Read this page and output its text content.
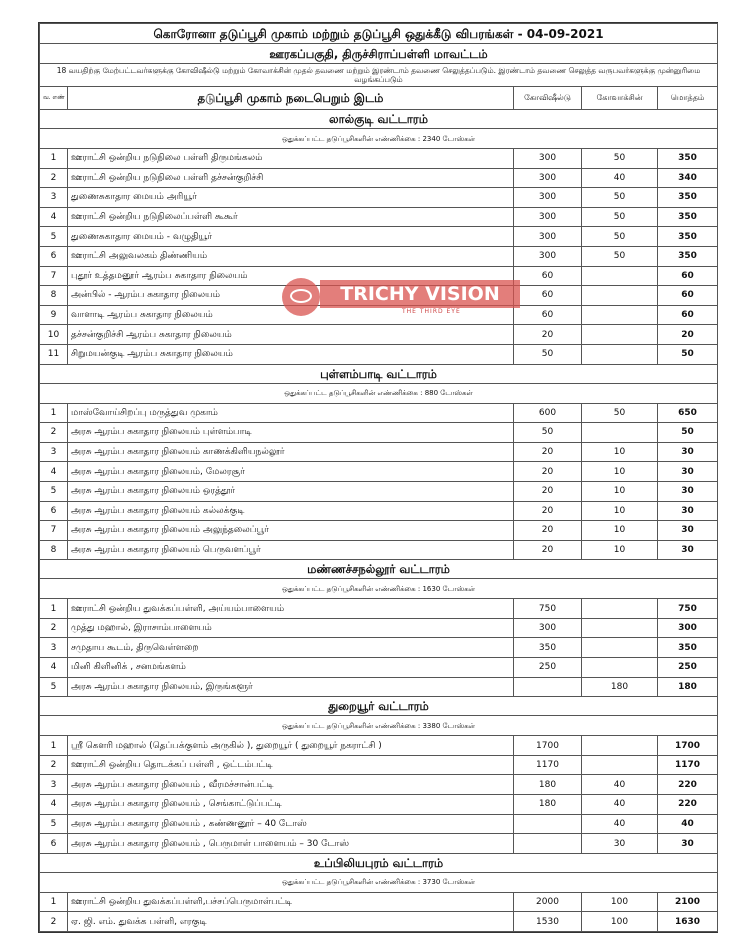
கொரோனா தடுப்பூசி முகாம் மற்றும் தடுப்பூசி ஒதுக்கீடு விபரங்கள் - 04-09-2021				
ஊரகப்பகுதி, திருச்சிராப்பள்ளி மாவட்டம்				
18 வயதிற்கு மேற்பட்டவர்களுக்கு கோவிஷீல்டு மற்றும் கோவாக்சின் முதல் தவணை மற்றும் இரண்டாம் தவணை செலுத்தப்படும். இரண்டாம் தவணை செலுத்த வருபவர்களுக்கு முன்னுரிமை வழங்கப்படும்				
வ. எண்	தடுப்பூசி முகாம் நடைபெறும் இடம்	கோவிஷீல்டு	கோவாக்சின்	மொத்தம்
லால்குடி வட்டாரம்				
ஒதுக்கப்பட்ட தடுப்பூசிகளின் எண்ணிக்கை : 2340 டோஸ்கள்				
1	ஊராட்சி ஒன்றிய நடுநிலை பள்ளி திருமங்கலம்	300	50	350
2	ஊராட்சி ஒன்றிய நடுநிலை பள்ளி தச்சன்குறிச்சி	300	40	340
3	துணைசுகாதார மையம் அரியூர்	300	50	350
4	ஊராட்சி ஒன்றிய நடுநிலைப்பள்ளி கூகூர்	300	50	350
5	துணைசுகாதார மையம் - வழுதியூர்	300	50	350
6	ஊராட்சி அலுவலகம் திண்ணியம்	300	50	350
7	புதூர் உத்தமனூர் ஆரம்ப சுகாதார நிலையம்	60		60
8	அன்பில் - ஆரம்ப சுகாதார நிலையம்	60		60
9	வாளாடி ஆரம்ப சுகாதார நிலையம்	60		60
10	தச்சன்குறிச்சி ஆரம்ப சுகாதார நிலையம்	20		20
11	சிறுமயன்குடி ஆரம்ப சுகாதார நிலையம்	50		50
புள்ளம்பாடி வட்டாரம்				
ஒதுக்கப்பட்ட தடுப்பூசிகளின் எண்ணிக்கை : 880 டோஸ்கள்				
1	மாஸ்வோய்சிறப்பு மருத்துவ முகாம்	600	50	650
2	அரசு ஆரம்ப சுகாதார நிலையம் புள்ளம்பாடி	50		50
3	அரசு ஆரம்ப சுகாதார நிலையம் காணக்கிளியநல்லூர்	20	10	30
4	அரசு ஆரம்ப சுகாதார நிலையம், மேலரசூர்	20	10	30
5	அரசு ஆரம்ப சுகாதார நிலையம் ஒரத்தூர்	20	10	30
6	அரசு ஆரம்ப சுகாதார நிலையம் கல்லக்குடி	20	10	30
7	அரசு ஆரம்ப சுகாதார நிலையம் அலுந்தலைப்பூர்	20	10	30
8	அரசு ஆரம்ப சுகாதார நிலையம் பெருவளப்பூர்	20	10	30
மண்ணச்சநல்லூர் வட்டாரம்				
ஒதுக்கப்பட்ட தடுப்பூசிகளின் எண்ணிக்கை : 1630 டோஸ்கள்				
1	ஊராட்சி ஒன்றிய துவக்கப்பள்ளி, அய்யம்பாளையம்	750		750
2	முத்து மஹால், இராசாம்பாளையம்	300		300
3	சமுதாய கூடம், திருவெள்ளறை	350		350
4	மினி கிளினிக் , சனமங்களம்	250		250
5	அரசு ஆரம்ப சுகாதார நிலையம், இருங்களூர்		180	180
துறையூர் வட்டாரம்				
ஒதுக்கப்பட்ட தடுப்பூசிகளின் எண்ணிக்கை : 3380 டோஸ்கள்				
1	ஸ்ரீ கௌரி மஹால் (தெப்பக்குளம் அருகில் ), துறையூர் ( துறையூர் நகராட்சி )	1700		1700
2	ஊராட்சி ஒன்றிய தொடக்கப் பள்ளி , ஒட்டம்பட்டி	1170		1170
3	அரசு ஆரம்ப சுகாதார நிலையம் , வீரமச்சான்பட்டி	180	40	220
4	அரசு ஆரம்ப சுகாதார நிலையம் , செங்காட்டுப்பட்டி	180	40	220
5	அரசு ஆரம்ப சுகாதார நிலையம் , கண்ணனூர் – 40 டோஸ்		40	40
6	அரசு ஆரம்ப சுகாதார நிலையம் , பெருமாள் பாளையம் – 30 டோஸ்		30	30
உப்பிலியபுரம் வட்டாரம்				
ஒதுக்கப்பட்ட தடுப்பூசிகளின் எண்ணிக்கை : 3730 டோஸ்கள்				
1	ஊராட்சி ஒன்றிய துவக்கப்பள்ளி,பச்சப்பெருமாள்பட்டி	2000	100	2100
2	ஏ. ஜி. எம். துவக்க பள்ளி, எரகுடி	1530	100	1630
TRICHY VISION
THE THIRD EYE
